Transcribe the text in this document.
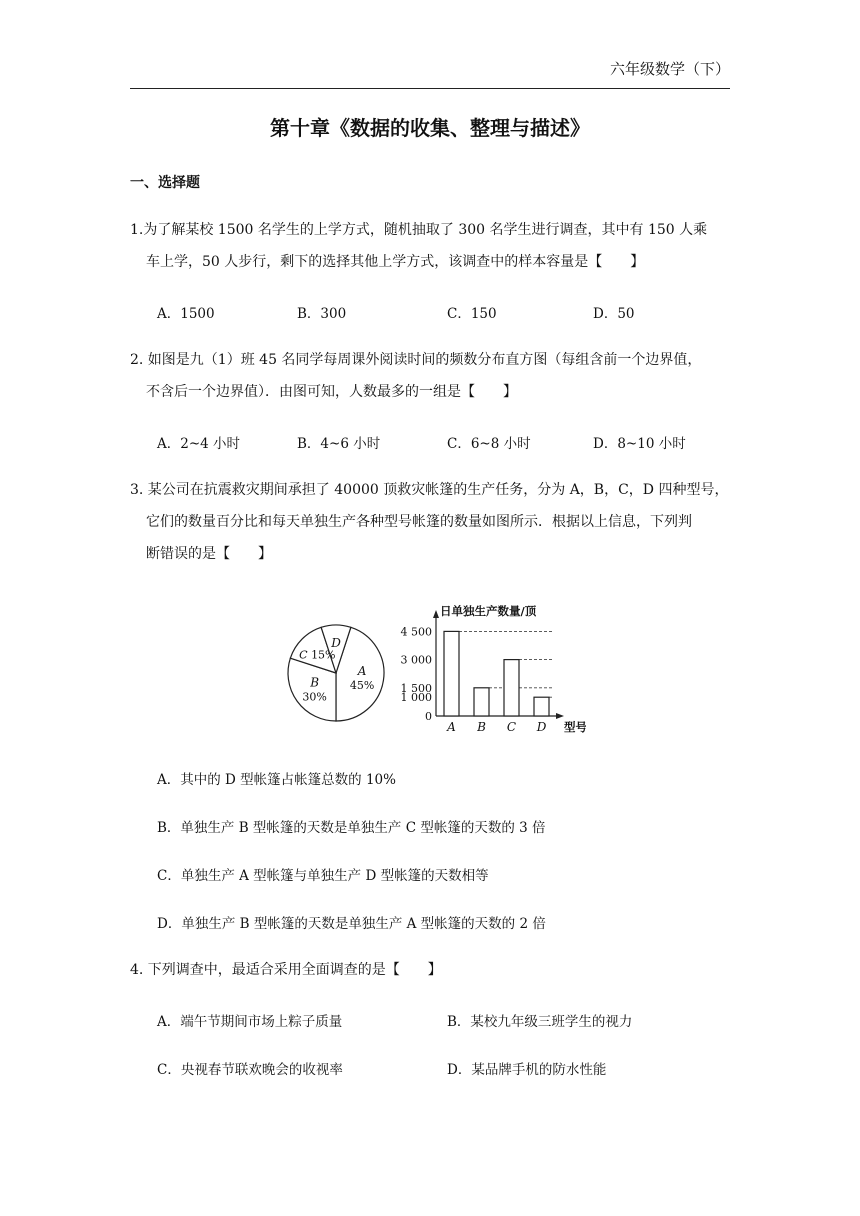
六年级数学（下）
第十章《数据的收集、整理与描述》
一、选择题
1.为了解某校 1500 名学生的上学方式，随机抽取了 300 名学生进行调查，其中有 150 人乘
车上学，50 人步行，剩下的选择其他上学方式，该调查中的样本容量是【　　】
A．1500	B．300	C．150	D．50
2. 如图是九（1）班 45 名同学每周课外阅读时间的频数分布直方图（每组含前一个边界值，
不含后一个边界值）．由图可知，人数最多的一组是【　　】
A．2~4 小时	B．4~6 小时	C．6~8 小时	D．8~10 小时
3. 某公司在抗震救灾期间承担了 40000 顶救灾帐篷的生产任务，分为 A，B，C，D 四种型号，
它们的数量百分比和每天单独生产各种型号帐篷的数量如图所示．根据以上信息，下列判
断错误的是【　　】
A
45%
B
30%
C 15%
D
日单独生产数量/顶
型号
0
1 000
1 500
3 000
4 500
A B C D
A．其中的 D 型帐篷占帐篷总数的 10%
B．单独生产 B 型帐篷的天数是单独生产 C 型帐篷的天数的 3 倍
C．单独生产 A 型帐篷与单独生产 D 型帐篷的天数相等
D．单独生产 B 型帐篷的天数是单独生产 A 型帐篷的天数的 2 倍
4. 下列调查中，最适合采用全面调查的是【　　】
A．端午节期间市场上粽子质量	B．某校九年级三班学生的视力
C．央视春节联欢晚会的收视率	D．某品牌手机的防水性能
